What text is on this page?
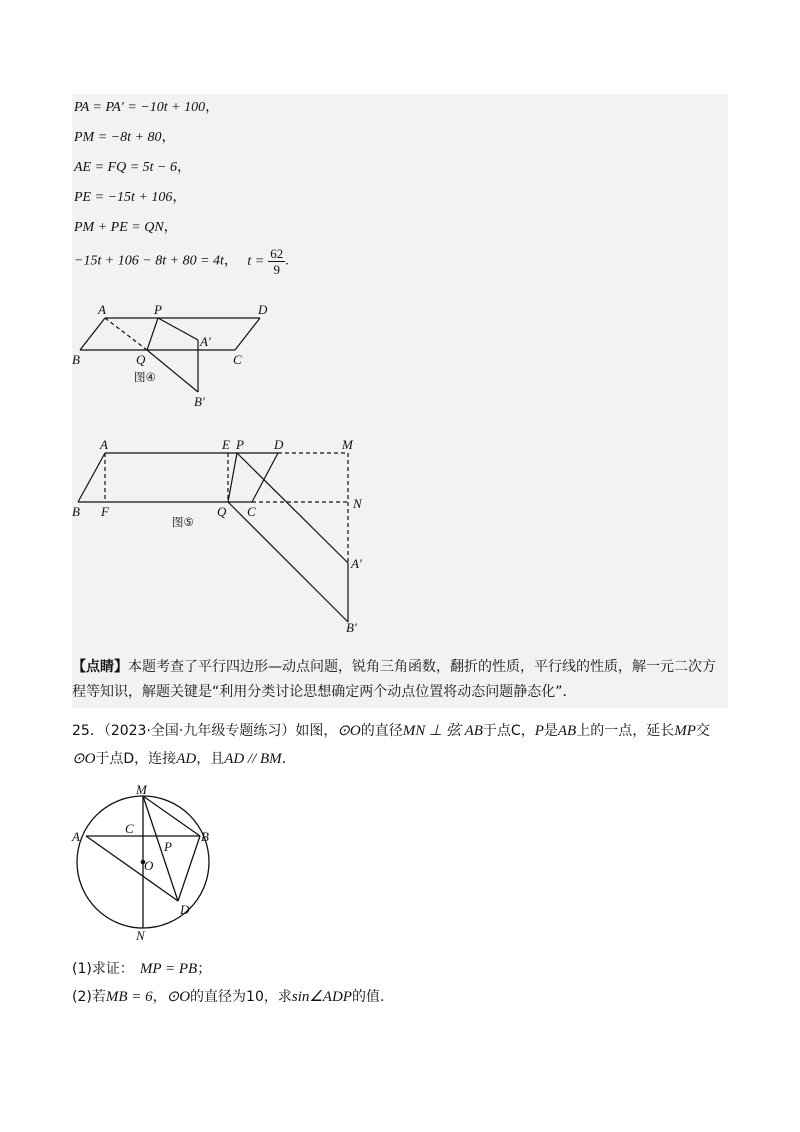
PA = PA′ = −10t + 100，
PM = −8t + 80，
AE = FQ = 5t − 6，
PE = −15t + 106，
PM + PE = QN，
−15t + 106 − 8t + 80 = 4t， $t = \frac{62}{9}$ .
A	P	D
B	Q
A′
C
B′
图④
A	E P D	M
B F	Q C
N
A′
B′
图⑤
【点睛】本题考查了平行四边形—动点问题，锐角三角函数，翻折的性质，平行线的性质，解一元二次方
程等知识，解题关键是“利用分类讨论思想确定两个动点位置将动态问题静态化”．
25．（2023·全国·九年级专题练习）如图，⊙O的直径MN ⊥ 弦 AB于点C，P是AB上的一点，延长MP交
⊙O于点D，连接AD，且AD // BM．
M
A
C
B
P
O
D
N
(1)求证： MP = PB；
(2)若MB = 6，⊙O的直径为10，求sin∠ADP的值.
